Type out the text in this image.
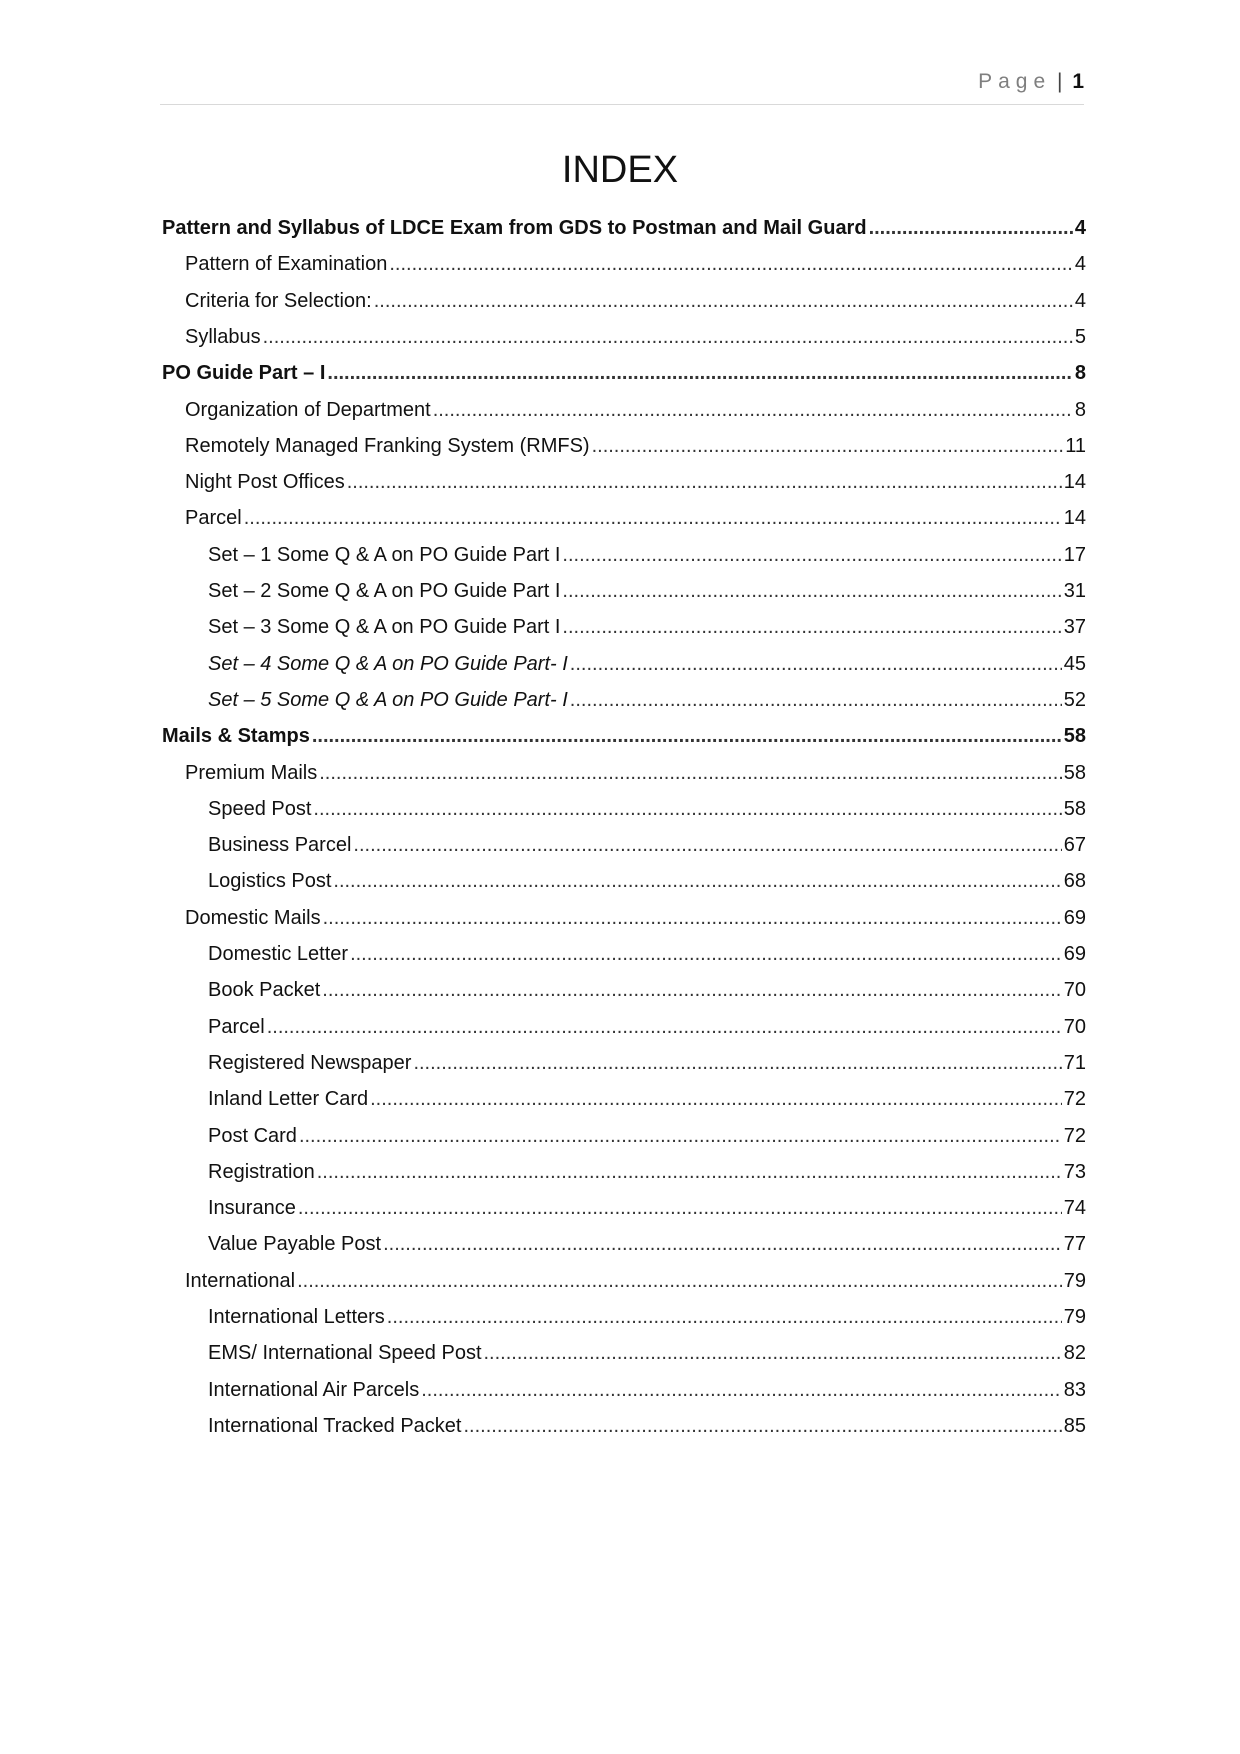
Page | 1
INDEX
Pattern and Syllabus of LDCE Exam from GDS to Postman and Mail Guard .....	4
Pattern of Examination .....	4
Criteria for Selection: .....	4
Syllabus .....	5
PO Guide Part – I .....	8
Organization of Department .....	8
Remotely Managed Franking System (RMFS) .....	11
Night Post Offices .....	14
Parcel .....	14
Set – 1 Some Q & A on PO Guide Part I .....	17
Set – 2 Some Q & A on PO Guide Part I .....	31
Set – 3 Some Q & A on PO Guide Part I .....	37
Set – 4 Some Q & A on PO Guide Part- I .....	45
Set – 5 Some Q & A on PO Guide Part- I .....	52
Mails & Stamps .....	58
Premium Mails .....	58
Speed Post .....	58
Business Parcel .....	67
Logistics Post .....	68
Domestic Mails .....	69
Domestic Letter .....	69
Book Packet .....	70
Parcel .....	70
Registered Newspaper .....	71
Inland Letter Card .....	72
Post Card .....	72
Registration .....	73
Insurance .....	74
Value Payable Post .....	77
International .....	79
International Letters .....	79
EMS/ International Speed Post .....	82
International Air Parcels .....	83
International Tracked Packet .....	85
